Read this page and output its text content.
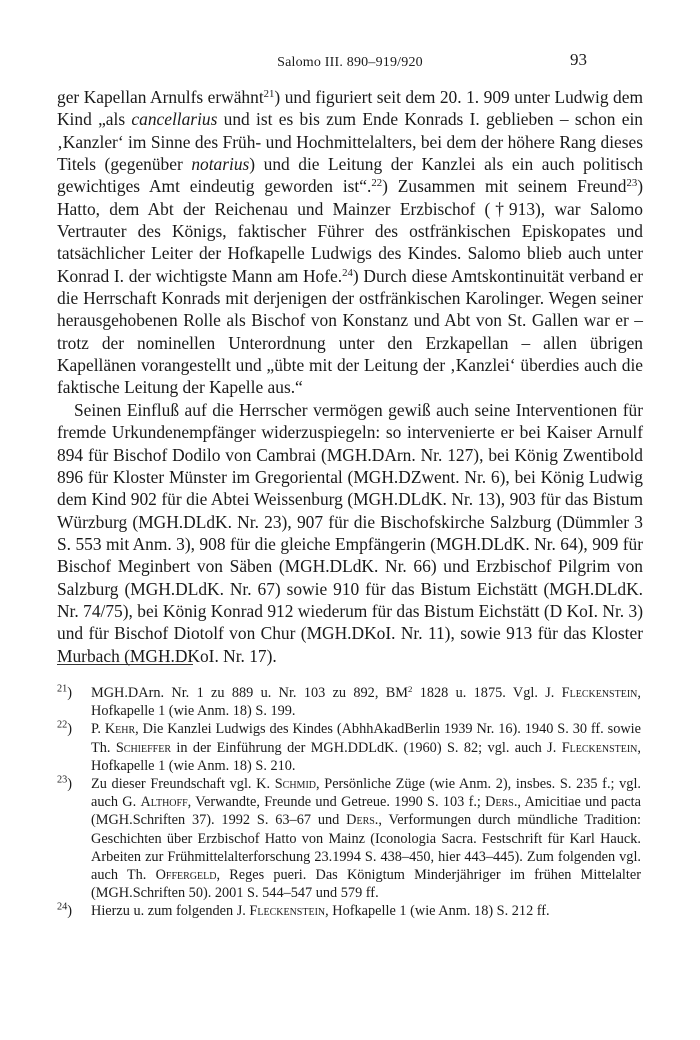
Salomo III. 890–919/920	93

ger Kapellan Arnulfs erwähnt$^{21}$) und figuriert seit dem 20. 1. 909 unter Ludwig dem Kind „als cancellarius und ist es bis zum Ende Konrads I. geblieben – schon ein ‚Kanzler‘ im Sinne des Früh- und Hochmittelalters, bei dem der höhere Rang dieses Titels (gegenüber notarius) und die Leitung der Kanzlei als ein auch politisch gewichtiges Amt eindeutig geworden ist“.$^{22}$) Zusammen mit seinem Freund$^{23}$) Hatto, dem Abt der Reichenau und Mainzer Erzbischof (†913), war Salomo Vertrauter des Königs, faktischer Führer des ostfränkischen Episkopates und tatsächlicher Leiter der Hofkapelle Ludwigs des Kindes. Salomo blieb auch unter Konrad I. der wichtigste Mann am Hofe.$^{24}$) Durch diese Amtskontinuität verband er die Herrschaft Konrads mit derjenigen der ostfränkischen Karolinger. Wegen seiner herausgehobenen Rolle als Bischof von Konstanz und Abt von St. Gallen war er – trotz der nominellen Unterordnung unter den Erzkapellan – allen übrigen Kapellänen vorangestellt und „übte mit der Leitung der ‚Kanzlei‘ überdies auch die faktische Leitung der Kapelle aus.“

Seinen Einfluß auf die Herrscher vermögen gewiß auch seine Interventionen für fremde Urkundenempfänger widerzuspiegeln: so intervenierte er bei Kaiser Arnulf 894 für Bischof Dodilo von Cambrai (MGH.DArn. Nr. 127), bei König Zwentibold 896 für Kloster Münster im Gregoriental (MGH.DZwent. Nr. 6), bei König Ludwig dem Kind 902 für die Abtei Weissenburg (MGH.DLdK. Nr. 13), 903 für das Bistum Würzburg (MGH.DLdK. Nr. 23), 907 für die Bischofskirche Salzburg (Dümmler 3 S. 553 mit Anm. 3), 908 für die gleiche Empfängerin (MGH.DLdK. Nr. 64), 909 für Bischof Meginbert von Säben (MGH.DLdK. Nr. 66) und Erzbischof Pilgrim von Salzburg (MGH.DLdK. Nr. 67) sowie 910 für das Bistum Eichstätt (MGH.DLdK. Nr. 74/75), bei König Konrad 912 wiederum für das Bistum Eichstätt (D KoI. Nr. 3) und für Bischof Diotolf von Chur (MGH.DKoI. Nr. 11), sowie 913 für das Kloster Murbach (MGH.DKoI. Nr. 17).

$^{21}$) MGH.DArn. Nr. 1 zu 889 u. Nr. 103 zu 892, $BM^2$ 1828 u. 1875. Vgl. J. Fleckenstein, Hofkapelle 1 (wie Anm. 18) S. 199.
$^{22}$) P. Kehr, Die Kanzlei Ludwigs des Kindes (AbhhAkadBerlin 1939 Nr. 16). 1940 S. 30 ff. sowie Th. Schieffer in der Einführung der MGH.DDLdK. (1960) S. 82; vgl. auch J. Fleckenstein, Hofkapelle 1 (wie Anm. 18) S. 210.
$^{23}$) Zu dieser Freundschaft vgl. K. Schmid, Persönliche Züge (wie Anm. 2), insbes. S. 235 f.; vgl. auch G. Althoff, Verwandte, Freunde und Getreue. 1990 S. 103 f.; Ders., Amicitiae und pacta (MGH.Schriften 37). 1992 S. 63–67 und Ders., Verformungen durch mündliche Tradition: Geschichten über Erzbischof Hatto von Mainz (Iconologia Sacra. Festschrift für Karl Hauck. Arbeiten zur Frühmittelalterforschung 23.1994 S. 438–450, hier 443–445). Zum folgenden vgl. auch Th. Offergeld, Reges pueri. Das Königtum Minderjähriger im frühen Mittelalter (MGH.Schriften 50). 2001 S. 544–547 und 579 ff.
$^{24}$) Hierzu u. zum folgenden J. Fleckenstein, Hofkapelle 1 (wie Anm. 18) S. 212 ff.
